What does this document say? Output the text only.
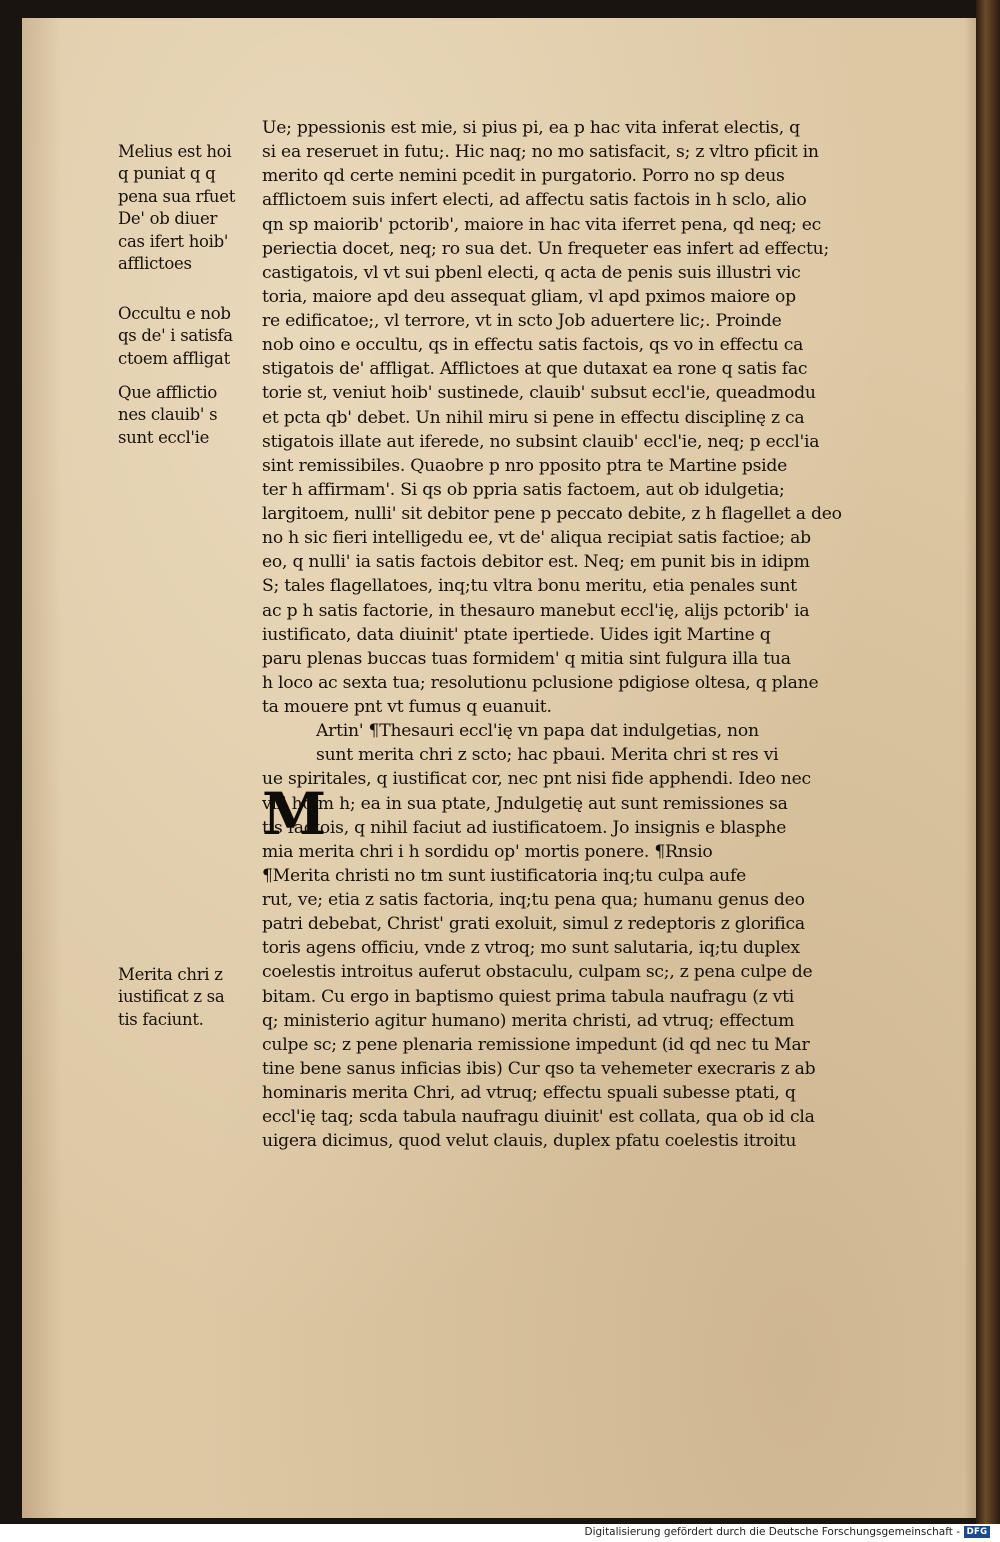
Melius est hoi
q puniat q q
pena sua rfuet
De' ob diuer
cas ifert hoib'
afflictoes
Occultu e nob
qs de' i satisfa
ctoem affligat
Que afflictio
nes clauib' s
sunt eccl'ie
Merita chri z
iustificat z sa
tis faciunt.
Ue; ppessionis est mie, si pius pi, ea p hac vita inferat electis, q
si ea reseruet in futu;. Hic naq; no mo satisfacit, s; z vltro pficit in
merito qd certe nemini pcedit in purgatorio. Porro no sp deus
afflictoem suis infert electi, ad affectu satis factois in h sclo, alio
qn sp maiorib' pctorib', maiore in hac vita iferret pena, qd neq; ec
periectia docet, neq; ro sua det. Un frequeter eas infert ad effectu;
castigatois, vl vt sui pbenl electi, q acta de penis suis illustri vic
toria, maiore apd deu assequat gliam, vl apd pximos maiore op
re edificatoe;, vl terrore, vt in scto Job aduertere lic;. Proinde
nob oino e occultu, qs in effectu satis factois, qs vo in effectu ca
stigatois de' affligat. Afflictoes at que dutaxat ea rone q satis fac
torie st, veniut hoib' sustinede, clauib' subsut eccl'ie, queadmodu
et pcta qb' debet. Un nihil miru si pene in effectu disciplinę z ca
stigatois illate aut iferede, no subsint clauib' eccl'ie, neq; p eccl'ia
sint remissibiles. Quaobre p nro pposito ptra te Martine pside
ter h affirmam'. Si qs ob ppria satis factoem, aut ob idulgetia;
largitoem, nulli' sit debitor pene p peccato debite, z h flagellet a deo
no h sic fieri intelligedu ee, vt de' aliqua recipiat satis factioe; ab
eo, q nulli' ia satis factois debitor est. Neq; em punit bis in idipm
S; tales flagellatoes, inq;tu vltra bonu meritu, etia penales sunt
ac p h satis factorie, in thesauro manebut eccl'ię, alijs pctorib' ia
iustificato, data diuinit' ptate ipertiede. Uides igit Martine q
paru plenas buccas tuas formidem' q mitia sint fulgura illa tua
h loco ac sexta tua; resolutionu pclusione pdigiose oltesa, q plane
ta mouere pnt vt fumus q euanuit.
Artin' ¶Thesauri eccl'ię vn papa dat indulgetias, non
sunt merita chri z scto; hac pbaui. Merita chri st res vi
ue spiritales, q iustificat cor, nec pnt nisi fide apphendi. Ideo nec
vll' hoim h; ea in sua ptate, Jndulgetię aut sunt remissiones sa
tis factois, q nihil faciut ad iustificatoem. Jo insignis e blasphe
mia merita chri i h sordidu op' mortis ponere. ¶Rnsio
¶Merita christi no tm sunt iustificatoria inq;tu culpa aufe
rut, ve; etia z satis factoria, inq;tu pena qua; humanu genus deo
patri debebat, Christ' grati exoluit, simul z redeptoris z glorifica
toris agens officiu, vnde z vtroq; mo sunt salutaria, iq;tu duplex
coelestis introitus auferut obstaculu, culpam sc;, z pena culpe de
bitam. Cu ergo in baptismo quiest prima tabula naufragu (z vti
q; ministerio agitur humano) merita christi, ad vtruq; effectum
culpe sc; z pene plenaria remissione impedunt (id qd nec tu Mar
tine bene sanus inficias ibis) Cur qso ta vehemeter execraris z ab
hominaris merita Chri, ad vtruq; effectu spuali subesse ptati, q
eccl'ię taq; scda tabula naufragu diuinit' est collata, qua ob id cla
uigera dicimus, quod velut clauis, duplex pfatu coelestis itroitu
M
Digitalisierung gefördert durch die Deutsche Forschungsgemeinschaft - DFG
